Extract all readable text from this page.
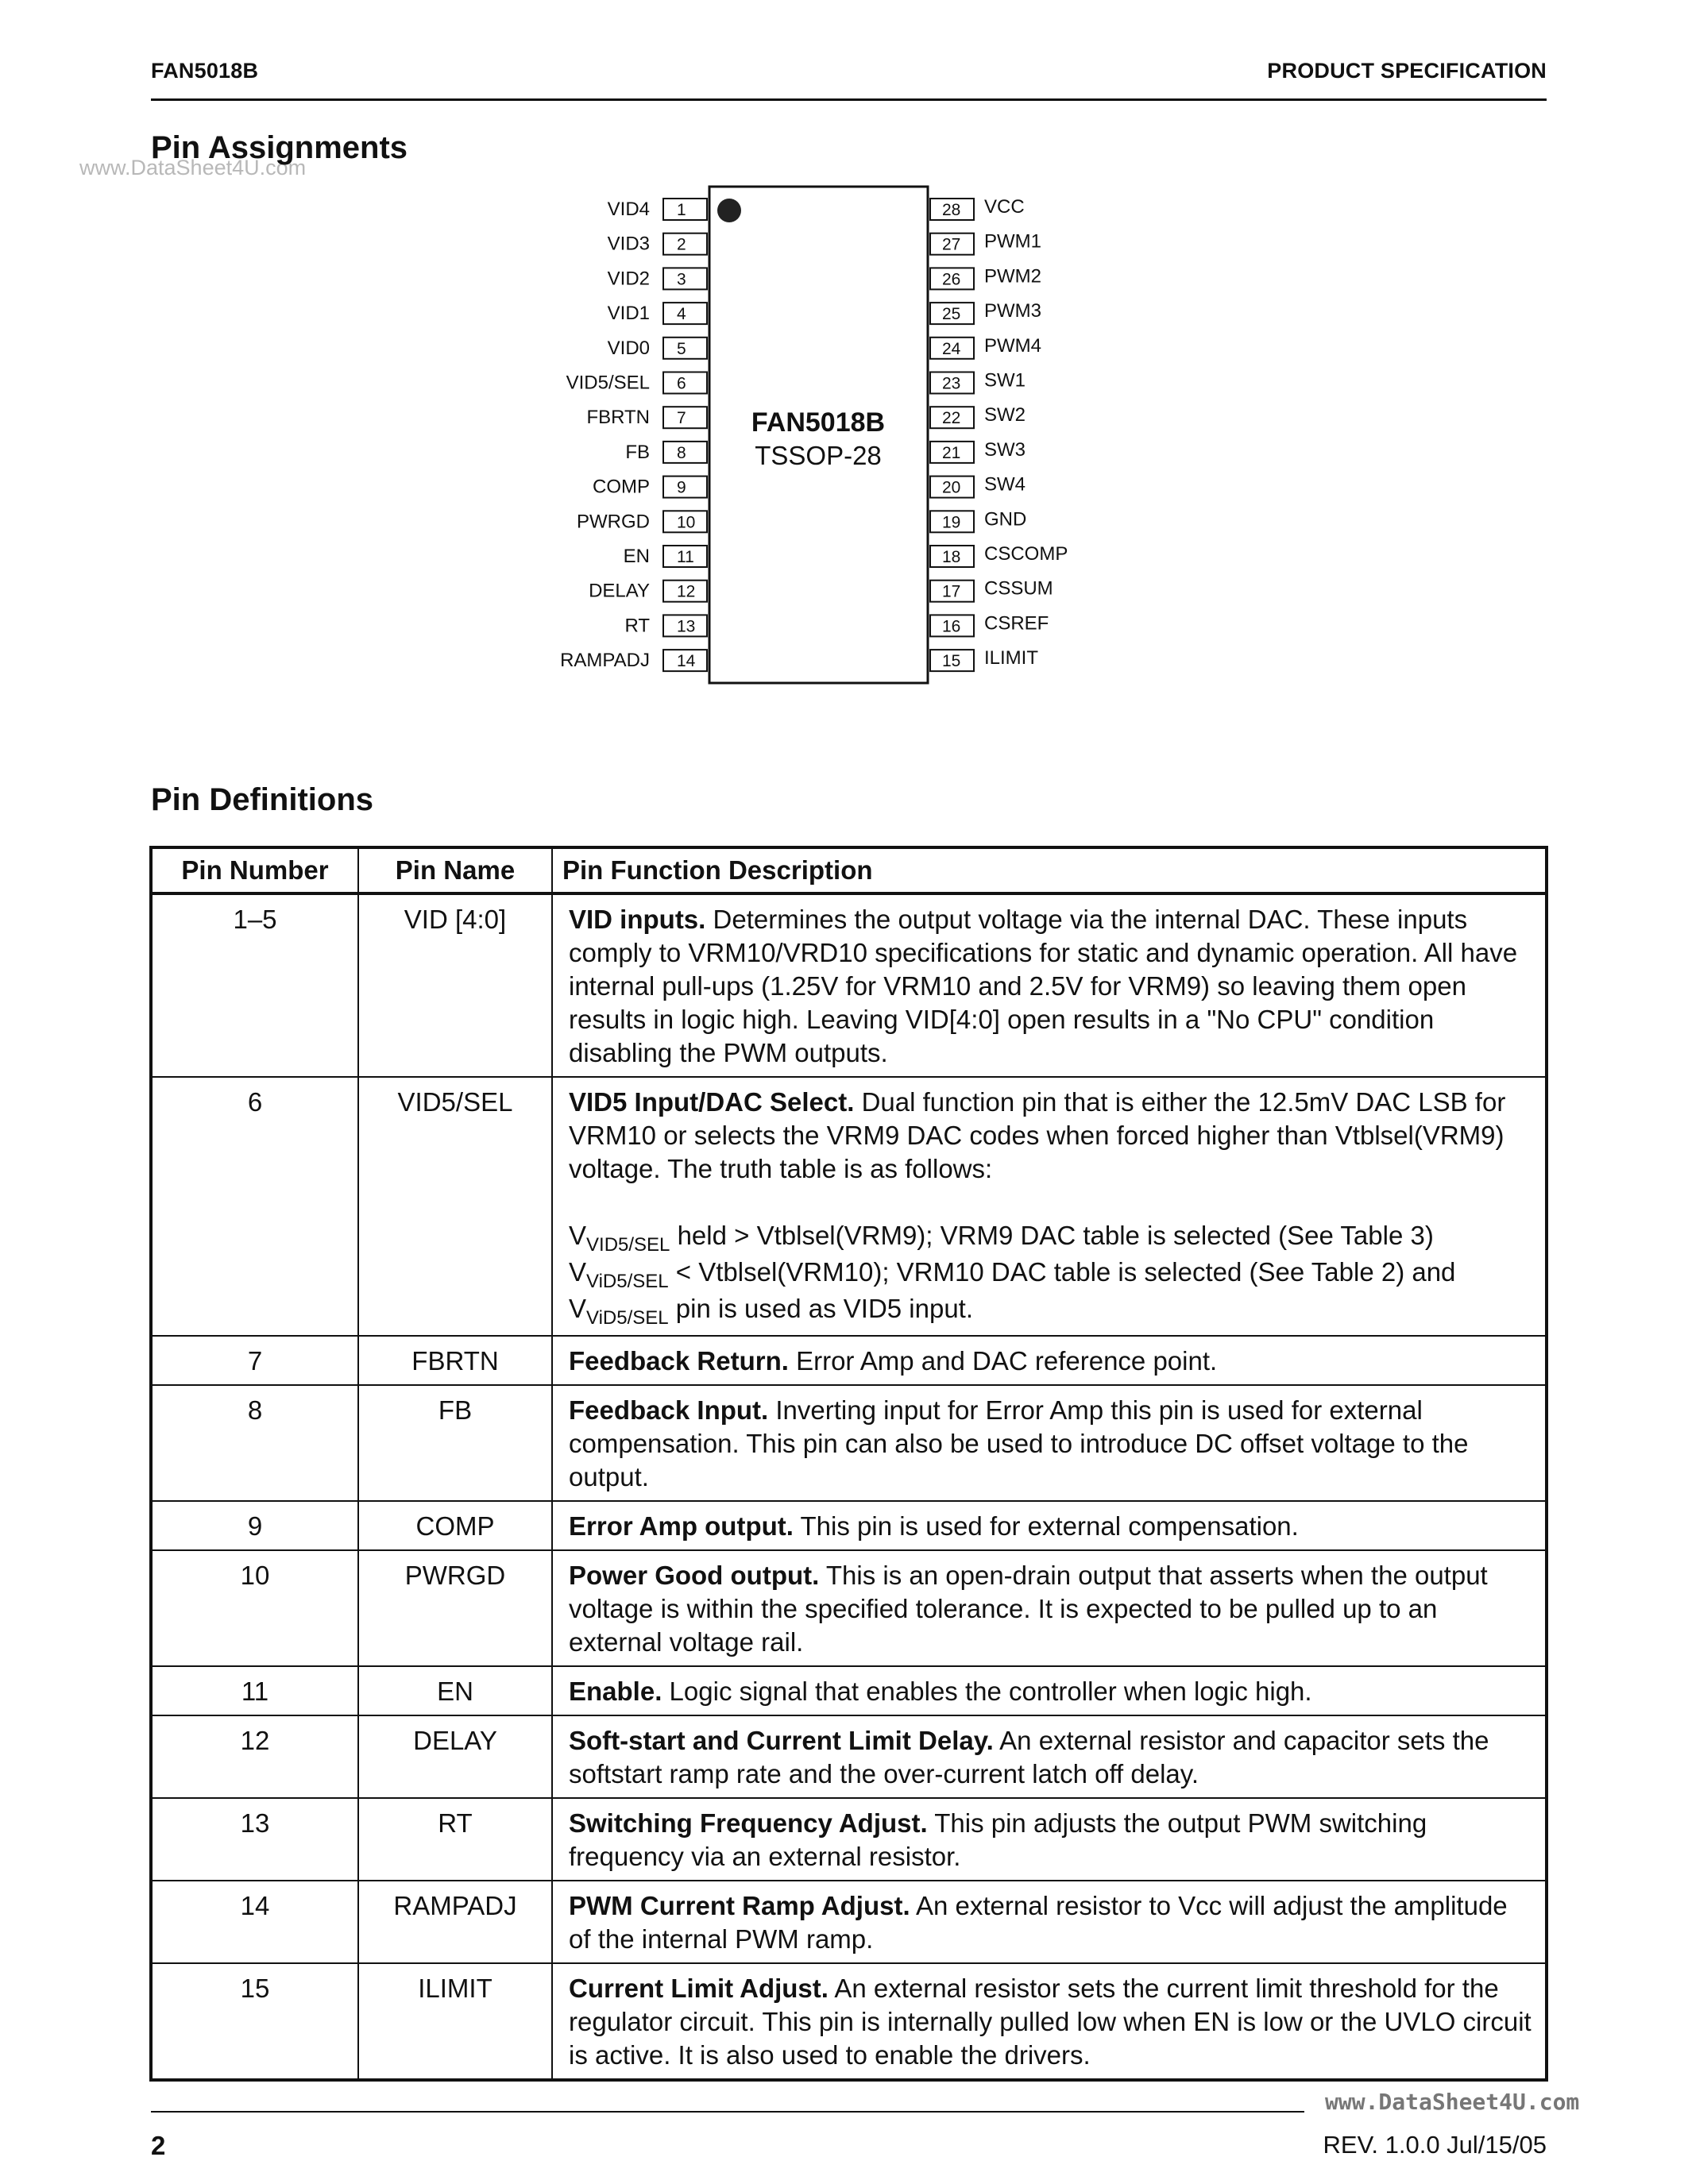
FAN5018B	PRODUCT SPECIFICATION
www.DataSheet4U.com
Pin Assignments
FAN5018B
TSSOP-28
1
VID4
2
VID3
3
VID2
4
VID1
5
VID0
6
VID5/SEL
7
FBRTN
8
FB
9
COMP
10
PWRGD
11
EN
12
DELAY
13
RT
14
RAMPADJ
28 VCC
27 PWM1
26 PWM2
25 PWM3
24 PWM4
23 SW1
22 SW2
21 SW3
20 SW4
19 GND
18 CSCOMP
17 CSSUM
16 CSREF
15 ILIMIT
Pin Definitions
Pin Number	Pin Name	Pin Function Description
1–5	VID [4:0]	VID inputs. Determines the output voltage via the internal DAC. These inputs comply to VRM10/VRD10 specifications for static and dynamic operation. All have internal pull-ups (1.25V for VRM10 and 2.5V for VRM9) so leaving them open results in logic high. Leaving VID[4:0] open results in a "No CPU" condition disabling the PWM outputs.
6	VID5/SEL	VID5 Input/DAC Select. Dual function pin that is either the 12.5mV DAC LSB for VRM10 or selects the VRM9 DAC codes when forced higher than Vtblsel(VRM9) voltage. The truth table is as follows:
$V_{VID5/SEL}$ held > Vtblsel(VRM9); VRM9 DAC table is selected (See Table 3)
$V_{ViD5/SEL}$ < Vtblsel(VRM10); VRM10 DAC table is selected (See Table 2) and
$V_{ViD5/SEL}$ pin is used as VID5 input.

7	FBRTN	Feedback Return. Error Amp and DAC reference point.
8	FB	Feedback Input. Inverting input for Error Amp this pin is used for external compensation. This pin can also be used to introduce DC offset voltage to the output.
9	COMP	Error Amp output. This pin is used for external compensation.
10	PWRGD	Power Good output. This is an open-drain output that asserts when the output voltage is within the specified tolerance. It is expected to be pulled up to an external voltage rail.
11	EN	Enable. Logic signal that enables the controller when logic high.
12	DELAY	Soft-start and Current Limit Delay. An external resistor and capacitor sets the softstart ramp rate and the over-current latch off delay.
13	RT	Switching Frequency Adjust. This pin adjusts the output PWM switching frequency via an external resistor.
14	RAMPADJ	PWM Current Ramp Adjust. An external resistor to Vcc will adjust the amplitude of the internal PWM ramp.
15	ILIMIT	Current Limit Adjust. An external resistor sets the current limit threshold for the regulator circuit. This pin is internally pulled low when EN is low or the UVLO circuit is active. It is also used to enable the drivers.
www.DataSheet4U.com
2	REV. 1.0.0 Jul/15/05
